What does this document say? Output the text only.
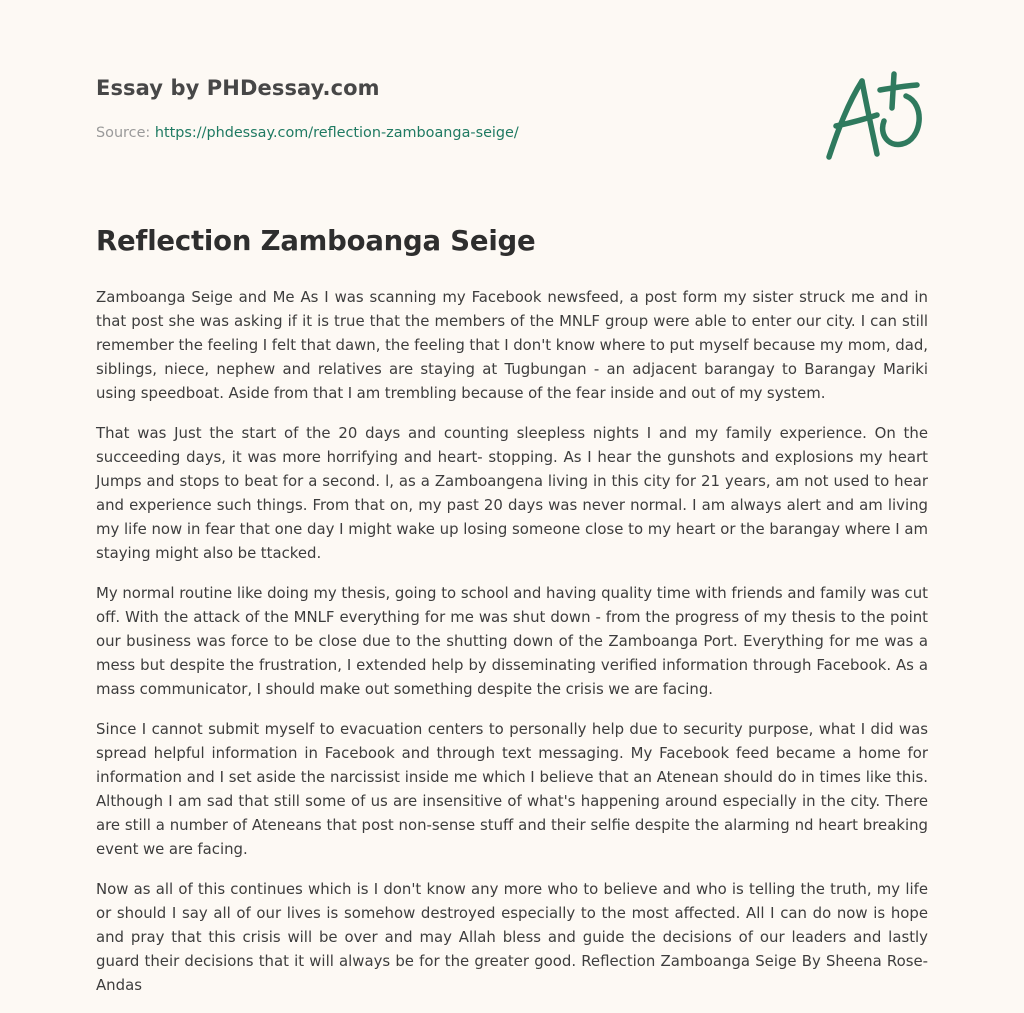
Essay by PHDessay.com
Source: https://phdessay.com/reflection-zamboanga-seige/
Reflection Zamboanga Seige

Zamboanga Seige and Me As I was scanning my Facebook newsfeed, a post form my sister struck me and in that post she was asking if it is true that the members of the MNLF group were able to enter our city. I can still remember the feeling I felt that dawn, the feeling that I don't know where to put myself because my mom, dad, siblings, niece, nephew and relatives are staying at Tugbungan - an adjacent barangay to Barangay Mariki using speedboat. Aside from that I am trembling because of the fear inside and out of my system.

That was Just the start of the 20 days and counting sleepless nights I and my family experience. On the succeeding days, it was more horrifying and heart- stopping. As I hear the gunshots and explosions my heart Jumps and stops to beat for a second. l, as a Zamboangena living in this city for 21 years, am not used to hear and experience such things. From that on, my past 20 days was never normal. I am always alert and am living my life now in fear that one day I might wake up losing someone close to my heart or the barangay where I am staying might also be ttacked.

My normal routine like doing my thesis, going to school and having quality time with friends and family was cut off. With the attack of the MNLF everything for me was shut down - from the progress of my thesis to the point our business was force to be close due to the shutting down of the Zamboanga Port. Everything for me was a mess but despite the frustration, I extended help by disseminating verified information through Facebook. As a mass communicator, I should make out something despite the crisis we are facing.

Since I cannot submit myself to evacuation centers to personally help due to security purpose, what I did was spread helpful information in Facebook and through text messaging. My Facebook feed became a home for information and I set aside the narcissist inside me which I believe that an Atenean should do in times like this. Although I am sad that still some of us are insensitive of what's happening around especially in the city. There are still a number of Ateneans that post non-sense stuff and their selfie despite the alarming nd heart breaking event we are facing.

Now as all of this continues which is I don't know any more who to believe and who is telling the truth, my life or should I say all of our lives is somehow destroyed especially to the most affected. All I can do now is hope and pray that this crisis will be over and may Allah bless and guide the decisions of our leaders and lastly guard their decisions that it will always be for the greater good. Reflection Zamboanga Seige By Sheena Rose-Andas
